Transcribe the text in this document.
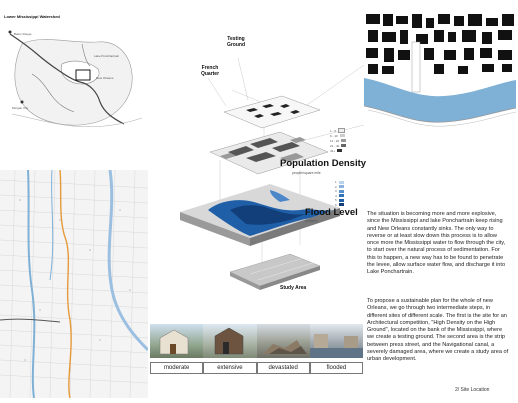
Lower Mississippi Watershed
Baton Rouge
Lake Pontchartrain
New Orleans
Morgan City
Testing Ground
French Quarter
Study Area
1 - 5
6 - 10
11 - 20
21 - 40
41+
Population Density
people/square mile
1
2
3
4
5
6
Flood Level
(meters)
The situation is becoming more and more explosive, since the Mississippi and lake Ponchartrain keep rising and New Orleans constantly sinks. The only way to reverse or at least slow down this process is to allow once more the Mississippi water to flow through the city, to start over the natural process of sedimentation. For this to happen, a new way has to be found to penetrate the levee, allow surface water flow, and discharge it into Lake Ponchartrain.
To propose a sustainable plan for the whole of new Orleans, we go through two intermediate steps, in different sites of different scale. The first is the site for an Architectural competition, "High Density on the High Ground", located on the bank of the Mississippi, where we create a testing ground. The second area is the strip between press street, and the Navigational canal, a severely damaged area, where we create a study area of urban development.
moderate	extensive	devastated	flooded
2/ Site Location
